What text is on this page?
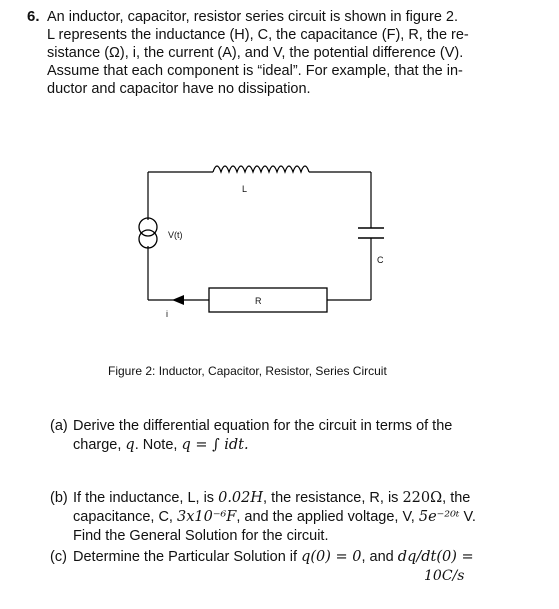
6. An inductor, capacitor, resistor series circuit is shown in figure 2.
L represents the inductance (H), C, the capacitance (F), R, the re-
sistance (Ω), i, the current (A), and V, the potential difference (V).
Assume that each component is “ideal”. For example, that the in-
ductor and capacitor have no dissipation.
L
V(t)
C
R
i
Figure 2: Inductor, Capacitor, Resistor, Series Circuit
(a) Derive the differential equation for the circuit in terms of the
charge, q. Note, q = ∫ idt.
(b) If the inductance, L, is 0.02H, the resistance, R, is 220Ω, the
capacitance, C, 3x10⁻⁶F, and the applied voltage, V, 5e⁻²⁰ᵗ V.
Find the General Solution for the circuit.
(c) Determine the Particular Solution if q(0) = 0, and dq/dt(0) =
10C/s
